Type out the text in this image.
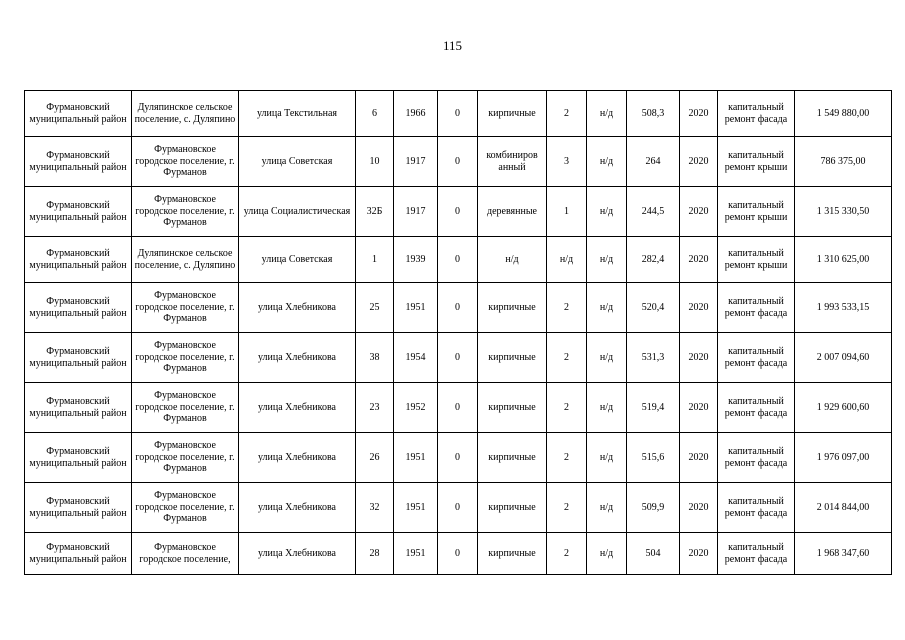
115
Фурмановский муниципальный район	Дуляпинское сельское поселение, с. Дуляпино	улица Текстильная	6	1966	0	кирпичные	2	н/д	508,3	2020	капитальный ремонт фасада	1 549 880,00
Фурмановский муниципальный район	Фурмановское городское поселение, г. Фурманов	улица Советская	10	1917	0	комбиниров анный	3	н/д	264	2020	капитальный ремонт крыши	786 375,00
Фурмановский муниципальный район	Фурмановское городское поселение, г. Фурманов	улица Социалистическая	32Б	1917	0	деревянные	1	н/д	244,5	2020	капитальный ремонт крыши	1 315 330,50
Фурмановский муниципальный район	Дуляпинское сельское поселение, с. Дуляпино	улица Советская	1	1939	0	н/д	н/д	н/д	282,4	2020	капитальный ремонт крыши	1 310 625,00
Фурмановский муниципальный район	Фурмановское городское поселение, г. Фурманов	улица Хлебникова	25	1951	0	кирпичные	2	н/д	520,4	2020	капитальный ремонт фасада	1 993 533,15
Фурмановский муниципальный район	Фурмановское городское поселение, г. Фурманов	улица Хлебникова	38	1954	0	кирпичные	2	н/д	531,3	2020	капитальный ремонт фасада	2 007 094,60
Фурмановский муниципальный район	Фурмановское городское поселение, г. Фурманов	улица Хлебникова	23	1952	0	кирпичные	2	н/д	519,4	2020	капитальный ремонт фасада	1 929 600,60
Фурмановский муниципальный район	Фурмановское городское поселение, г. Фурманов	улица Хлебникова	26	1951	0	кирпичные	2	н/д	515,6	2020	капитальный ремонт фасада	1 976 097,00
Фурмановский муниципальный район	Фурмановское городское поселение, г. Фурманов	улица Хлебникова	32	1951	0	кирпичные	2	н/д	509,9	2020	капитальный ремонт фасада	2 014 844,00
Фурмановский муниципальный район	Фурмановское городское поселение,	улица Хлебникова	28	1951	0	кирпичные	2	н/д	504	2020	капитальный ремонт фасада	1 968 347,60
